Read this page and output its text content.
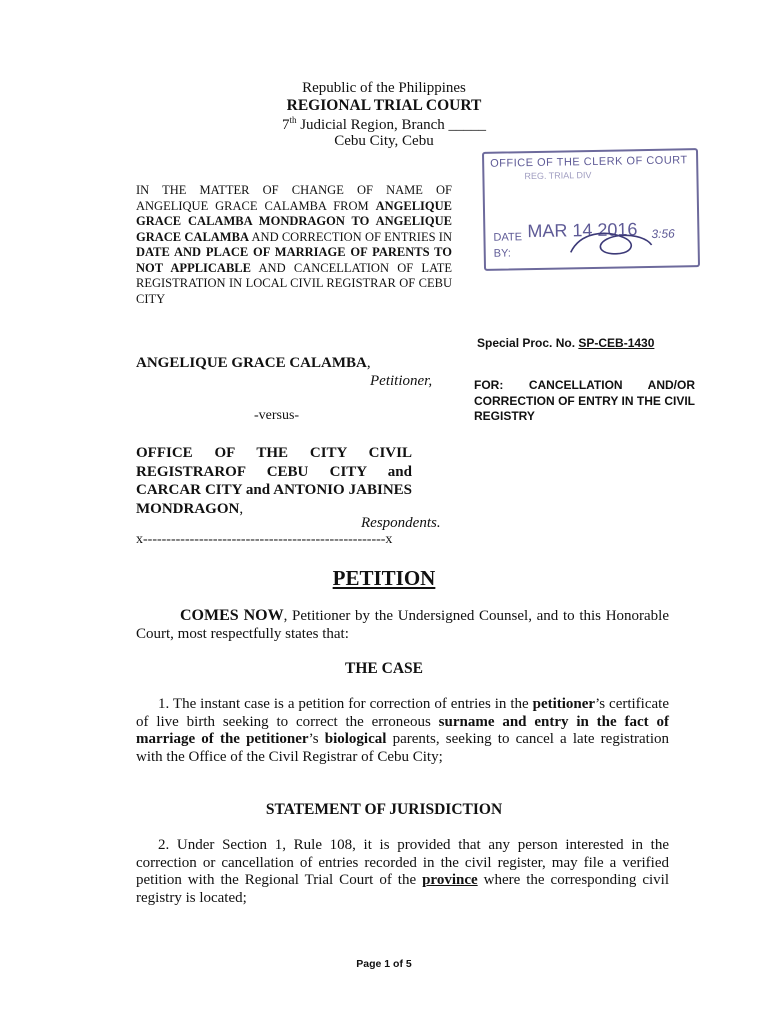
Republic of the Philippines
REGIONAL TRIAL COURT
7th Judicial Region, Branch _____
Cebu City, Cebu
IN THE MATTER OF CHANGE OF NAME OF ANGELIQUE GRACE CALAMBA FROM ANGELIQUE GRACE CALAMBA MONDRAGON TO ANGELIQUE GRACE CALAMBA AND CORRECTION OF ENTRIES IN DATE AND PLACE OF MARRIAGE OF PARENTS TO NOT APPLICABLE AND CANCELLATION OF LATE REGISTRATION IN LOCAL CIVIL REGISTRAR OF CEBU CITY
OFFICE OF THE CLERK OF COURT
REG. TRIAL DIV
DATE MAR 14 2016 3:56
BY:
Special Proc. No. SP-CEB-1430
ANGELIQUE GRACE CALAMBA,
Petitioner,	FOR: CANCELLATION AND/OR CORRECTION OF ENTRY IN THE CIVIL REGISTRY
-versus-
OFFICE OF THE CITY CIVIL REGISTRAROF CEBU CITY and CARCAR CITY and ANTONIO JABINES MONDRAGON,
Respondents.
x----------------------------------------------------x
PETITION
COMES NOW, Petitioner by the Undersigned Counsel, and to this Honorable Court, most respectfully states that:
THE CASE
1. The instant case is a petition for correction of entries in the petitioner’s certificate of live birth seeking to correct the erroneous surname and entry in the fact of marriage of the petitioner’s biological parents, seeking to cancel a late registration with the Office of the Civil Registrar of Cebu City;
STATEMENT OF JURISDICTION
2. Under Section 1, Rule 108, it is provided that any person interested in the correction or cancellation of entries recorded in the civil register, may file a verified petition with the Regional Trial Court of the province where the corresponding civil registry is located;
Page 1 of 5
